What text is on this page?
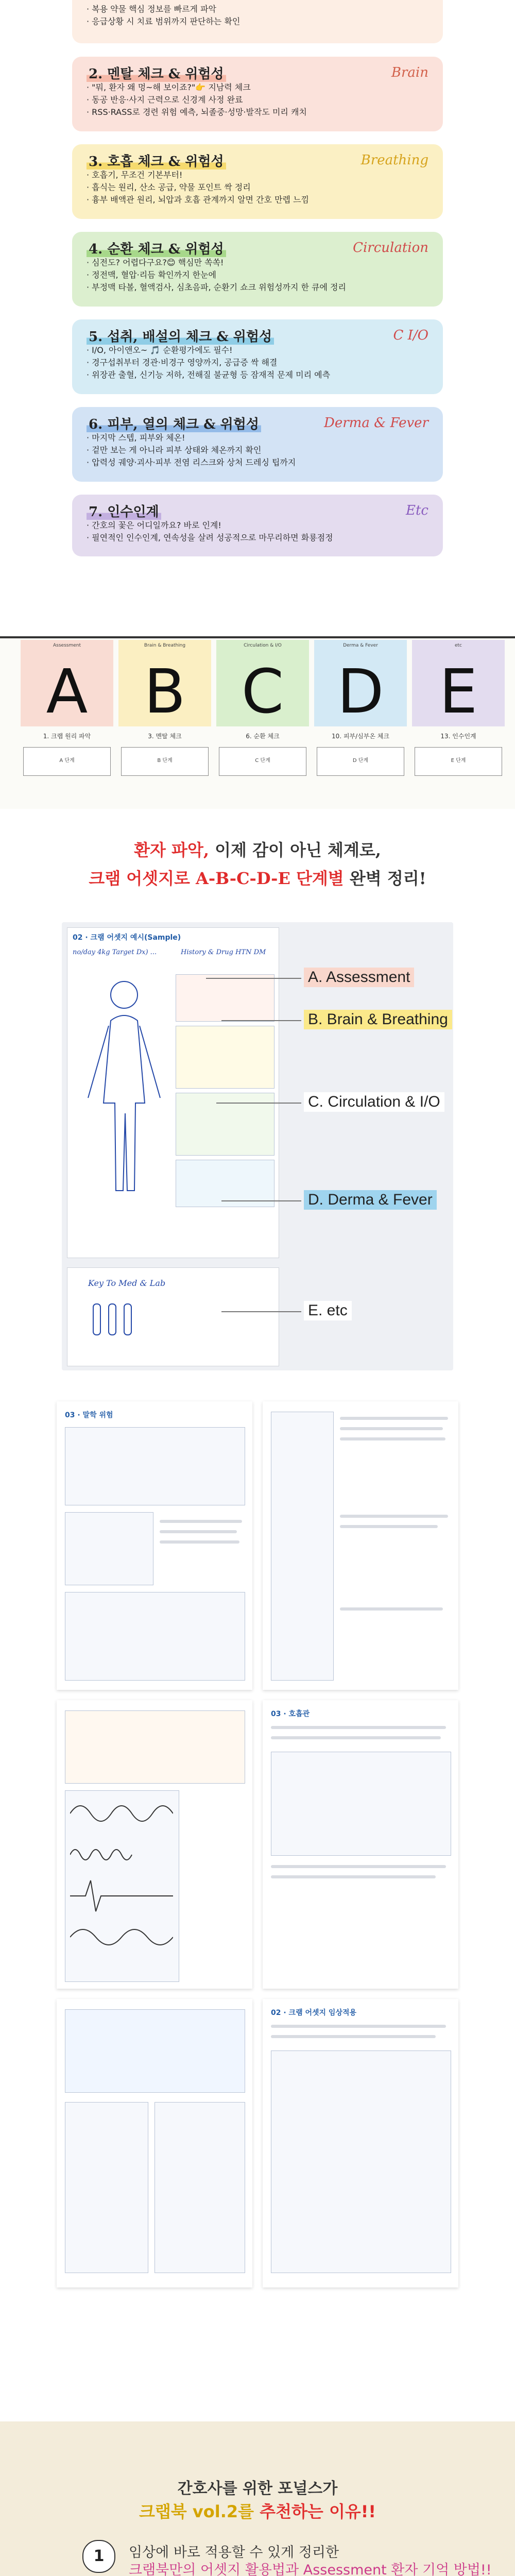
· 복용 약물 핵심 정보를 빠르게 파악

· 응급상황 시 치료 범위까지 판단하는 확인

2. 멘탈 체크 & 위험성	Brain

· "뭐, 환자 왜 멍~해 보이죠?"👉 지남력 체크

· 동공 반응·사지 근력으로 신경계 사정 완료

· RSS·RASS로 경련 위험 예측, 뇌졸중·성망·발작도 미리 캐치

3. 호흡 체크 & 위험성	Breathing

· 호흡기, 무조건 기본부터!

· 흡식는 원리, 산소 공급, 약물 포인트 싹 정리

· 흉부 배액관 원리, 뇌압과 호흡 관계까지 알면 간호 만렙 느낌

4. 순환 체크 & 위험성	Circulation

· 심전도? 어렵다구요?😊 핵심만 쏙쏙!

· 정전맥, 혈압·리듬 확인까지 한눈에

· 부정맥 타볼, 혈액검사, 심초음파, 순환기 쇼크 위험성까지 한 큐에 정리

5. 섭취, 배설의 체크 & 위험성	C I/O

· I/O, 아이앤오~ 🎵 순환평가에도 필수!

· 경구섭취부터 경관·비경구 영양까지, 공급증 싹 해결

· 위장관 출혈, 신기능 저하, 전해질 불균형 등 잠재적 문제 미리 예측

6. 피부, 열의 체크 & 위험성	Derma & Fever

· 마지막 스텝, 피부와 체온!

· 겉만 보는 게 아니라 피부 상태와 체온까지 확인

· 압력성 궤양·괴사·피부 전염 리스크와 상처 드레싱 팁까지

7. 인수인계	Etc

· 간호의 꽃은 어디일까요? 바로 인계!

· 필연적인 인수인계, 연속성을 살려 성공적으로 마무리하면 화룡점정

Assessment
A
1. 크랩 원리 파악
A 단계
Brain & Breathing
B
3. 멘탈 체크
B 단계
Circulation & I/O
C
6. 순환 체크
C 단계
Derma & Fever
D
10. 피부/심부온 체크
D 단계
etc
E
13. 인수인계
E 단계
환자 파악, 이제 감이 아닌 체계로,
크램 어셋지로 A-B-C-D-E 단계별 완벽 정리!
02 · 크램 어셋지 예시(Sample)
no/day 4kg Target Dx) ...	History & Drug HTN DM
Key To Med & Lab
A. Assessment
B. Brain & Breathing
C. Circulation & I/O
D. Derma & Fever
E. etc
03 · 말학 위험
03 · 호흡관
02 · 크램 어셋지 임상적용
간호사를 위한 포널스가
크랩북 vol.2를 추천하는 이유!!
1	임상에 바로 적용할 수 있게 정리한
크램북만의 어셋지 활용법과 Assessment 환자 기억 방법!!
